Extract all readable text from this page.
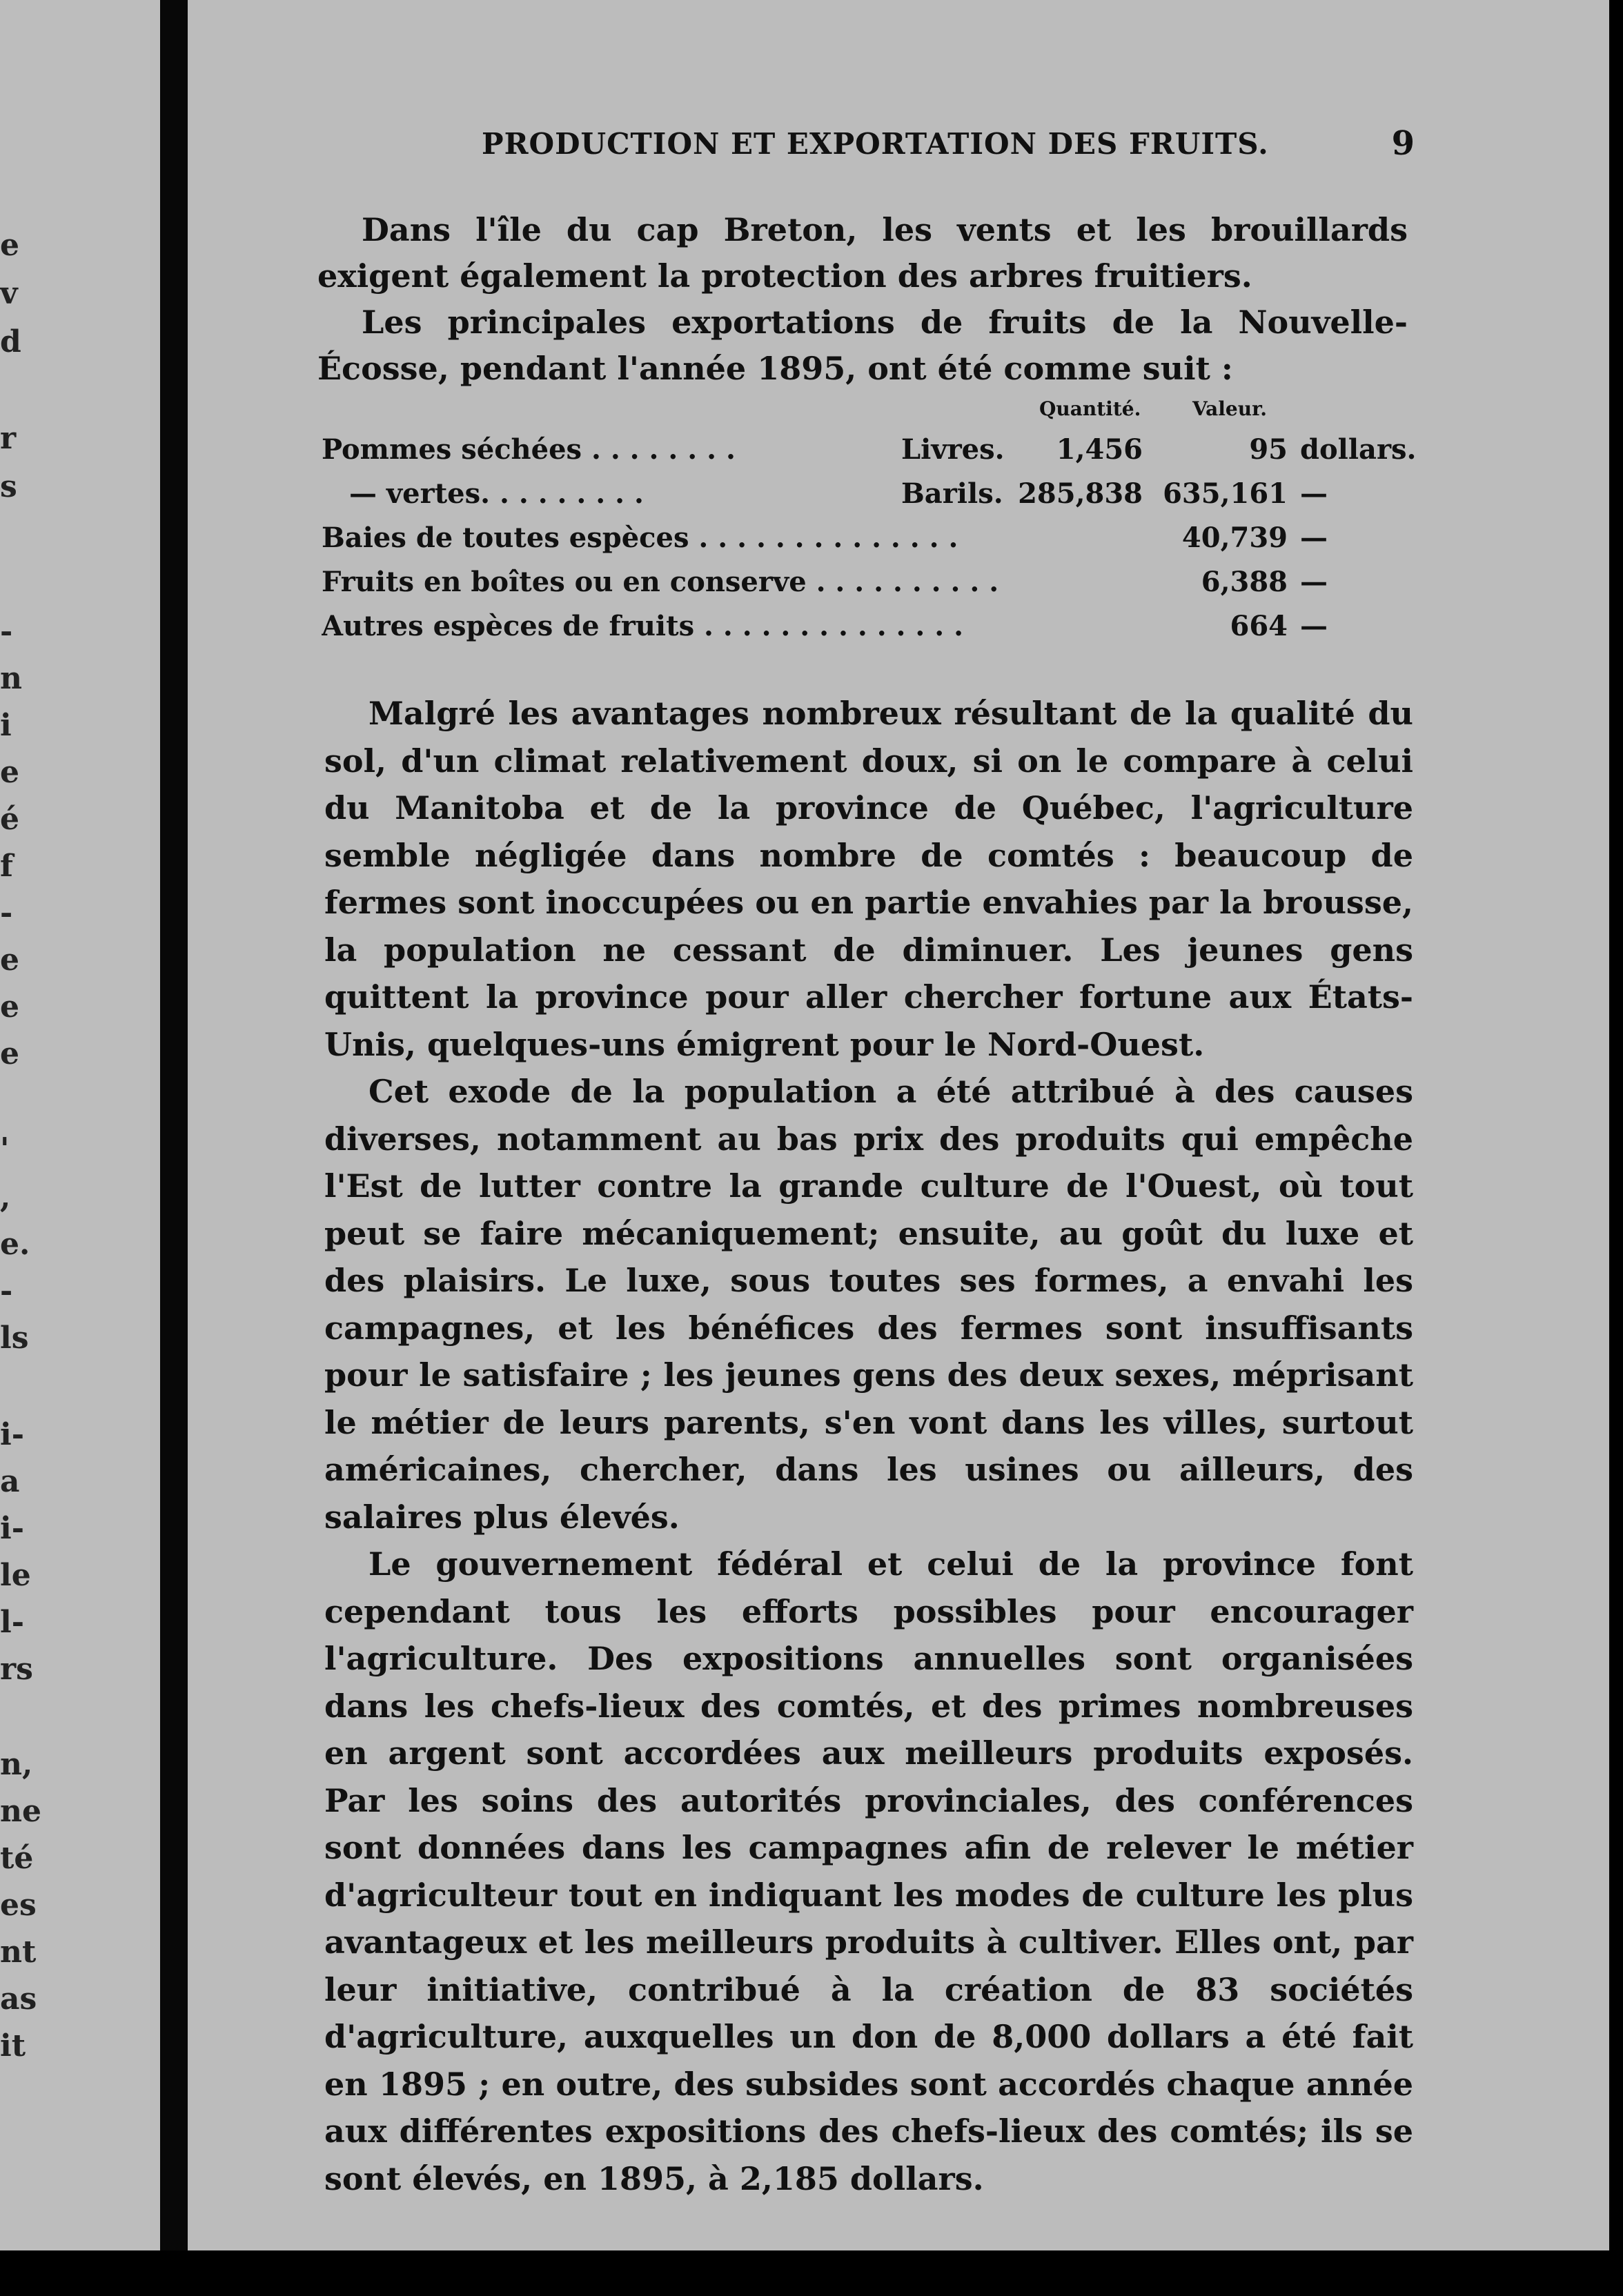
e
v
d
r
s
-
n
i
e
é
f
-
e
e
e
'
,
e.
-
ls
i-
a
i-
le
l-
rs
n,
ne
té
es
nt
as
it
PRODUCTION ET EXPORTATION DES FRUITS.	9

Dans l'île du cap Breton, les vents et les brouillards exigent également la protection des arbres fruitiers.

Les principales exportations de fruits de la Nouvelle-Écosse, pendant l'année 1895, ont été comme suit :

Quantité.	Valeur.
Pommes séchées . . . . . . . .	Livres.	1,456	95 dollars.
— vertes. . . . . . . . .	Barils. 285,838 635,161 —
Baies de toutes espèces . . . . . . . . . . . . . .	40,739 —
Fruits en boîtes ou en conserve . . . . . . . . . .	6,388 —
Autres espèces de fruits . . . . . . . . . . . . . .	664 —

Malgré les avantages nombreux résultant de la qualité du sol, d'un climat relativement doux, si on le compare à celui du Manitoba et de la province de Québec, l'agriculture semble négligée dans nombre de comtés : beaucoup de fermes sont inoccupées ou en partie envahies par la brousse, la population ne cessant de diminuer. Les jeunes gens quittent la province pour aller chercher fortune aux États-Unis, quelques-uns émigrent pour le Nord-Ouest.

Cet exode de la population a été attribué à des causes diverses, notamment au bas prix des produits qui empêche l'Est de lutter contre la grande culture de l'Ouest, où tout peut se faire mécaniquement; ensuite, au goût du luxe et des plaisirs. Le luxe, sous toutes ses formes, a envahi les campagnes, et les bénéfices des fermes sont insuffisants pour le satisfaire ; les jeunes gens des deux sexes, méprisant le métier de leurs parents, s'en vont dans les villes, surtout américaines, chercher, dans les usines ou ailleurs, des salaires plus élevés.

Le gouvernement fédéral et celui de la province font cependant tous les efforts possibles pour encourager l'agriculture. Des expositions annuelles sont organisées dans les chefs-lieux des comtés, et des primes nombreuses en argent sont accordées aux meilleurs produits exposés. Par les soins des autorités provinciales, des conférences sont données dans les campagnes afin de relever le métier d'agriculteur tout en indiquant les modes de culture les plus avantageux et les meilleurs produits à cultiver. Elles ont, par leur initiative, contribué à la création de 83 sociétés d'agriculture, auxquelles un don de 8,000 dollars a été fait en 1895 ; en outre, des subsides sont accordés chaque année aux différentes expositions des chefs-lieux des comtés; ils se sont élevés, en 1895, à 2,185 dollars.
